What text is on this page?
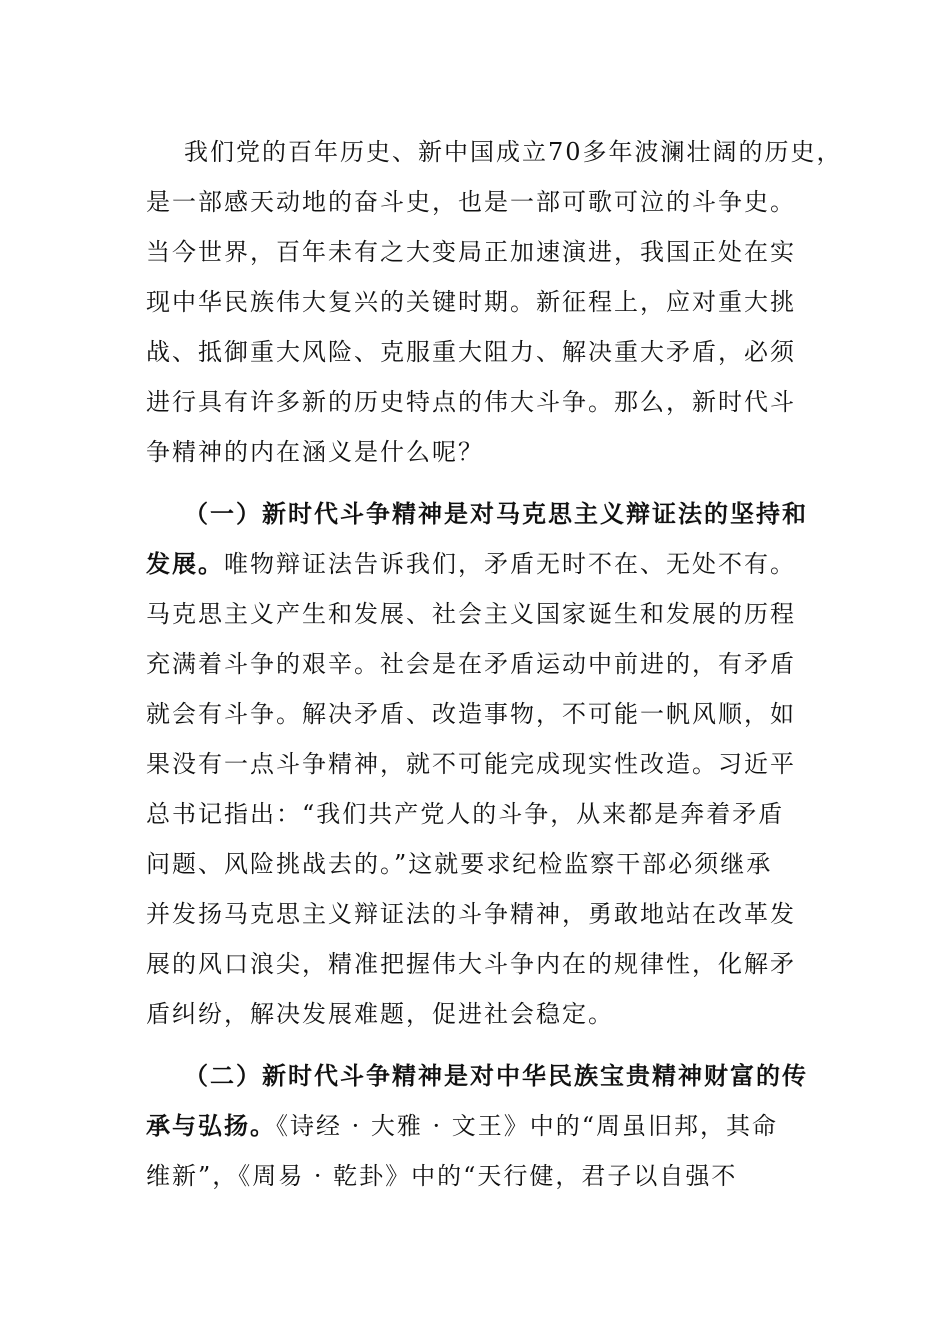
我们党的百年历史、新中国成立70多年波澜壮阔的历史，
是一部感天动地的奋斗史，也是一部可歌可泣的斗争史。
当今世界，百年未有之大变局正加速演进，我国正处在实
现中华民族伟大复兴的关键时期。新征程上，应对重大挑
战、抵御重大风险、克服重大阻力、解决重大矛盾，必须
进行具有许多新的历史特点的伟大斗争。那么，新时代斗
争精神的内在涵义是什么呢？
（一）新时代斗争精神是对马克思主义辩证法的坚持和
发展。唯物辩证法告诉我们，矛盾无时不在、无处不有。
马克思主义产生和发展、社会主义国家诞生和发展的历程
充满着斗争的艰辛。社会是在矛盾运动中前进的，有矛盾
就会有斗争。解决矛盾、改造事物，不可能一帆风顺，如
果没有一点斗争精神，就不可能完成现实性改造。习近平
总书记指出：“我们共产党人的斗争，从来都是奔着矛盾
问题、风险挑战去的。”这就要求纪检监察干部必须继承
并发扬马克思主义辩证法的斗争精神，勇敢地站在改革发
展的风口浪尖，精准把握伟大斗争内在的规律性，化解矛
盾纠纷，解决发展难题，促进社会稳定。
（二）新时代斗争精神是对中华民族宝贵精神财富的传
承与弘扬。《诗经 · 大雅 · 文王》中的“周虽旧邦，其命
维新”，《周易 · 乾卦》中的“天行健，君子以自强不
